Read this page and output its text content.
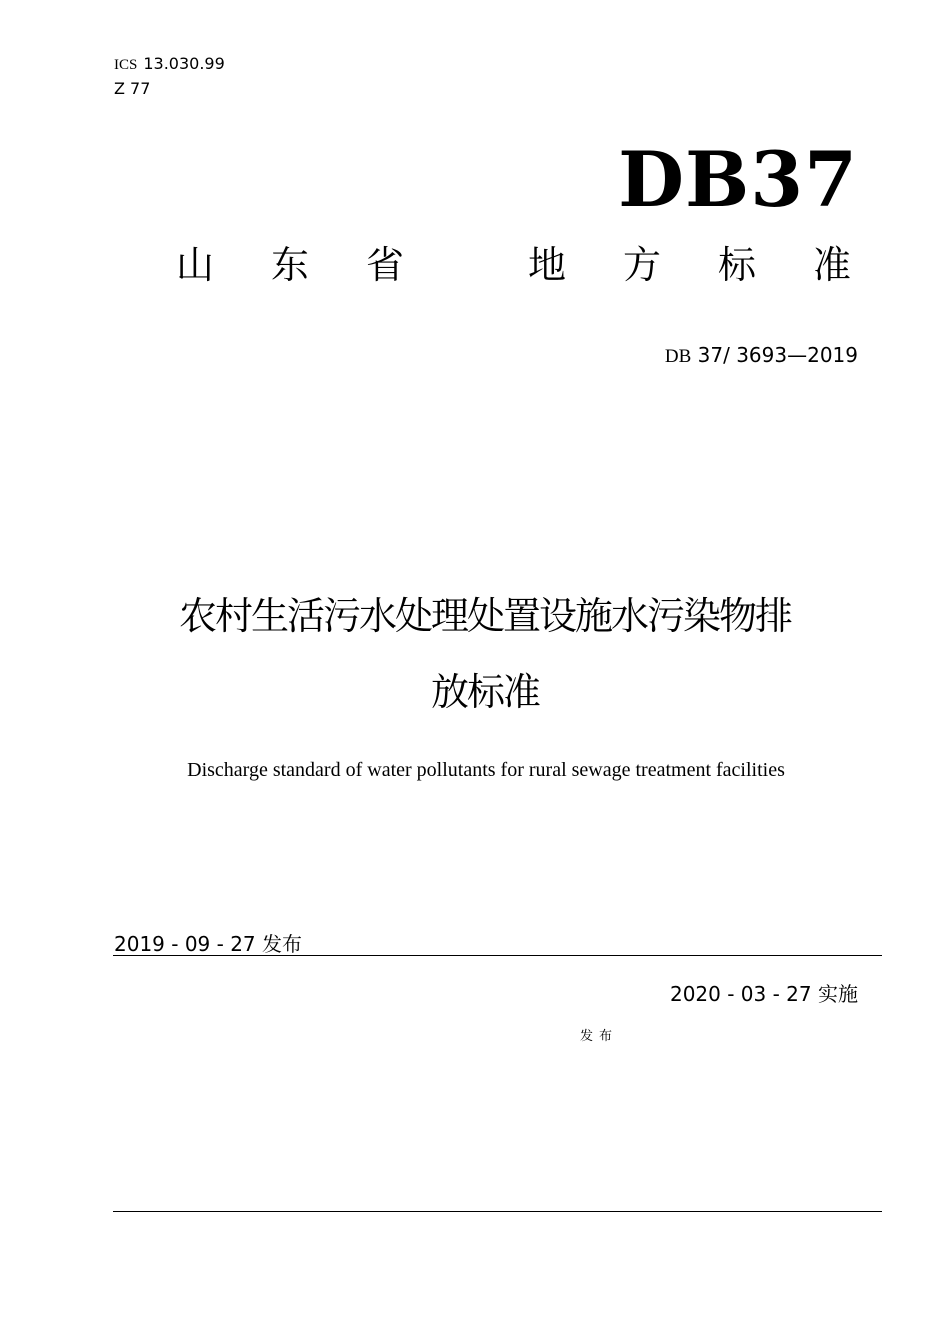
ICS 13.030.99
Z 77
DB37
山东省 地方标准
DB 37/ 3693—2019
农村生活污水处理处置设施水污染物排
放标准
Discharge standard of water pollutants for rural sewage treatment facilities
2019 - 09 - 27 发布
2020 - 03 - 27 实施
发布
